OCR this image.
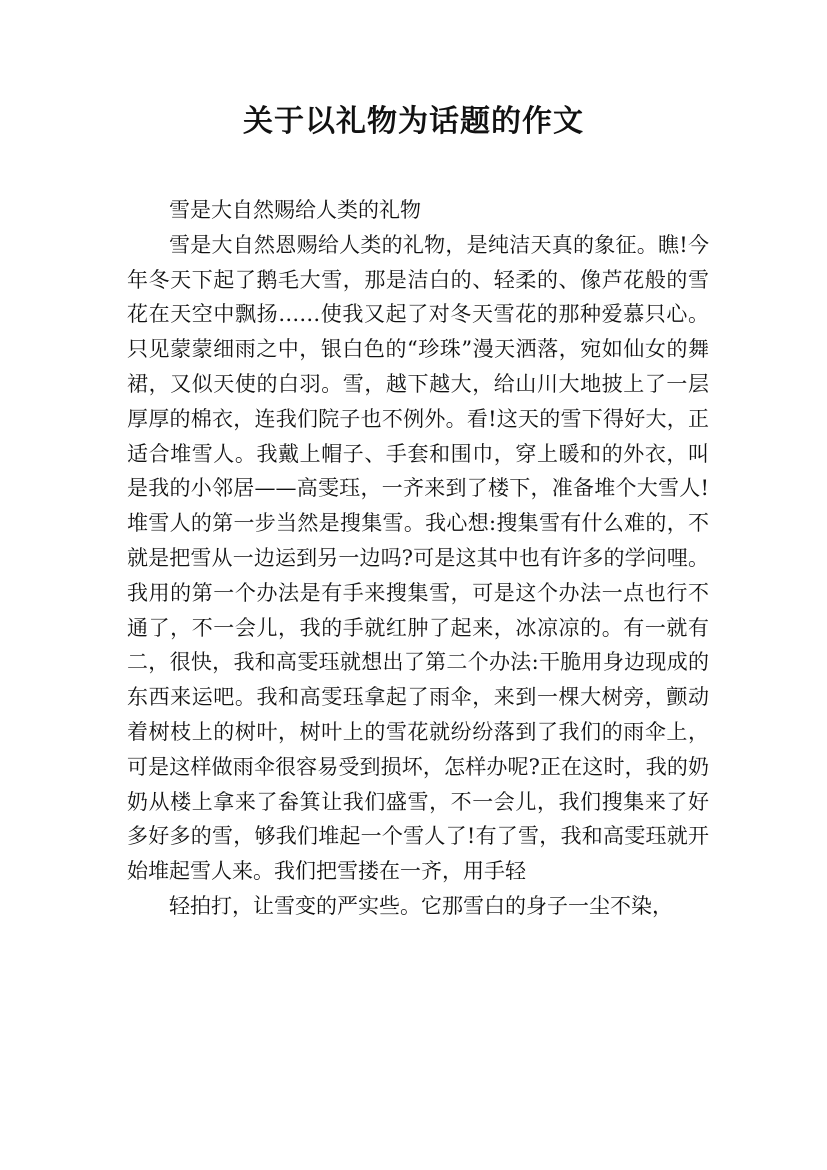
关于以礼物为话题的作文

雪是大自然赐给人类的礼物

雪是大自然恩赐给人类的礼物，是纯洁天真的象征。瞧!今年冬天下起了鹅毛大雪，那是洁白的、轻柔的、像芦花般的雪花在天空中飘扬……使我又起了对冬天雪花的那种爱慕只心。只见蒙蒙细雨之中，银白色的“珍珠”漫天洒落，宛如仙女的舞裙，又似天使的白羽。雪，越下越大，给山川大地披上了一层厚厚的棉衣，连我们院子也不例外。看!这天的雪下得好大，正适合堆雪人。我戴上帽子、手套和围巾，穿上暖和的外衣，叫是我的小邻居——高雯珏，一齐来到了楼下，准备堆个大雪人!堆雪人的第一步当然是搜集雪。我心想:搜集雪有什么难的，不就是把雪从一边运到另一边吗?可是这其中也有许多的学问哩。我用的第一个办法是有手来搜集雪，可是这个办法一点也行不通了，不一会儿，我的手就红肿了起来，冰凉凉的。有一就有二，很快，我和高雯珏就想出了第二个办法:干脆用身边现成的东西来运吧。我和高雯珏拿起了雨伞，来到一棵大树旁，颤动着树枝上的树叶，树叶上的雪花就纷纷落到了我们的雨伞上，可是这样做雨伞很容易受到损坏，怎样办呢?正在这时，我的奶奶从楼上拿来了畚箕让我们盛雪，不一会儿，我们搜集来了好多好多的雪，够我们堆起一个雪人了!有了雪，我和高雯珏就开始堆起雪人来。我们把雪搂在一齐，用手轻

轻拍打，让雪变的严实些。它那雪白的身子一尘不染，
